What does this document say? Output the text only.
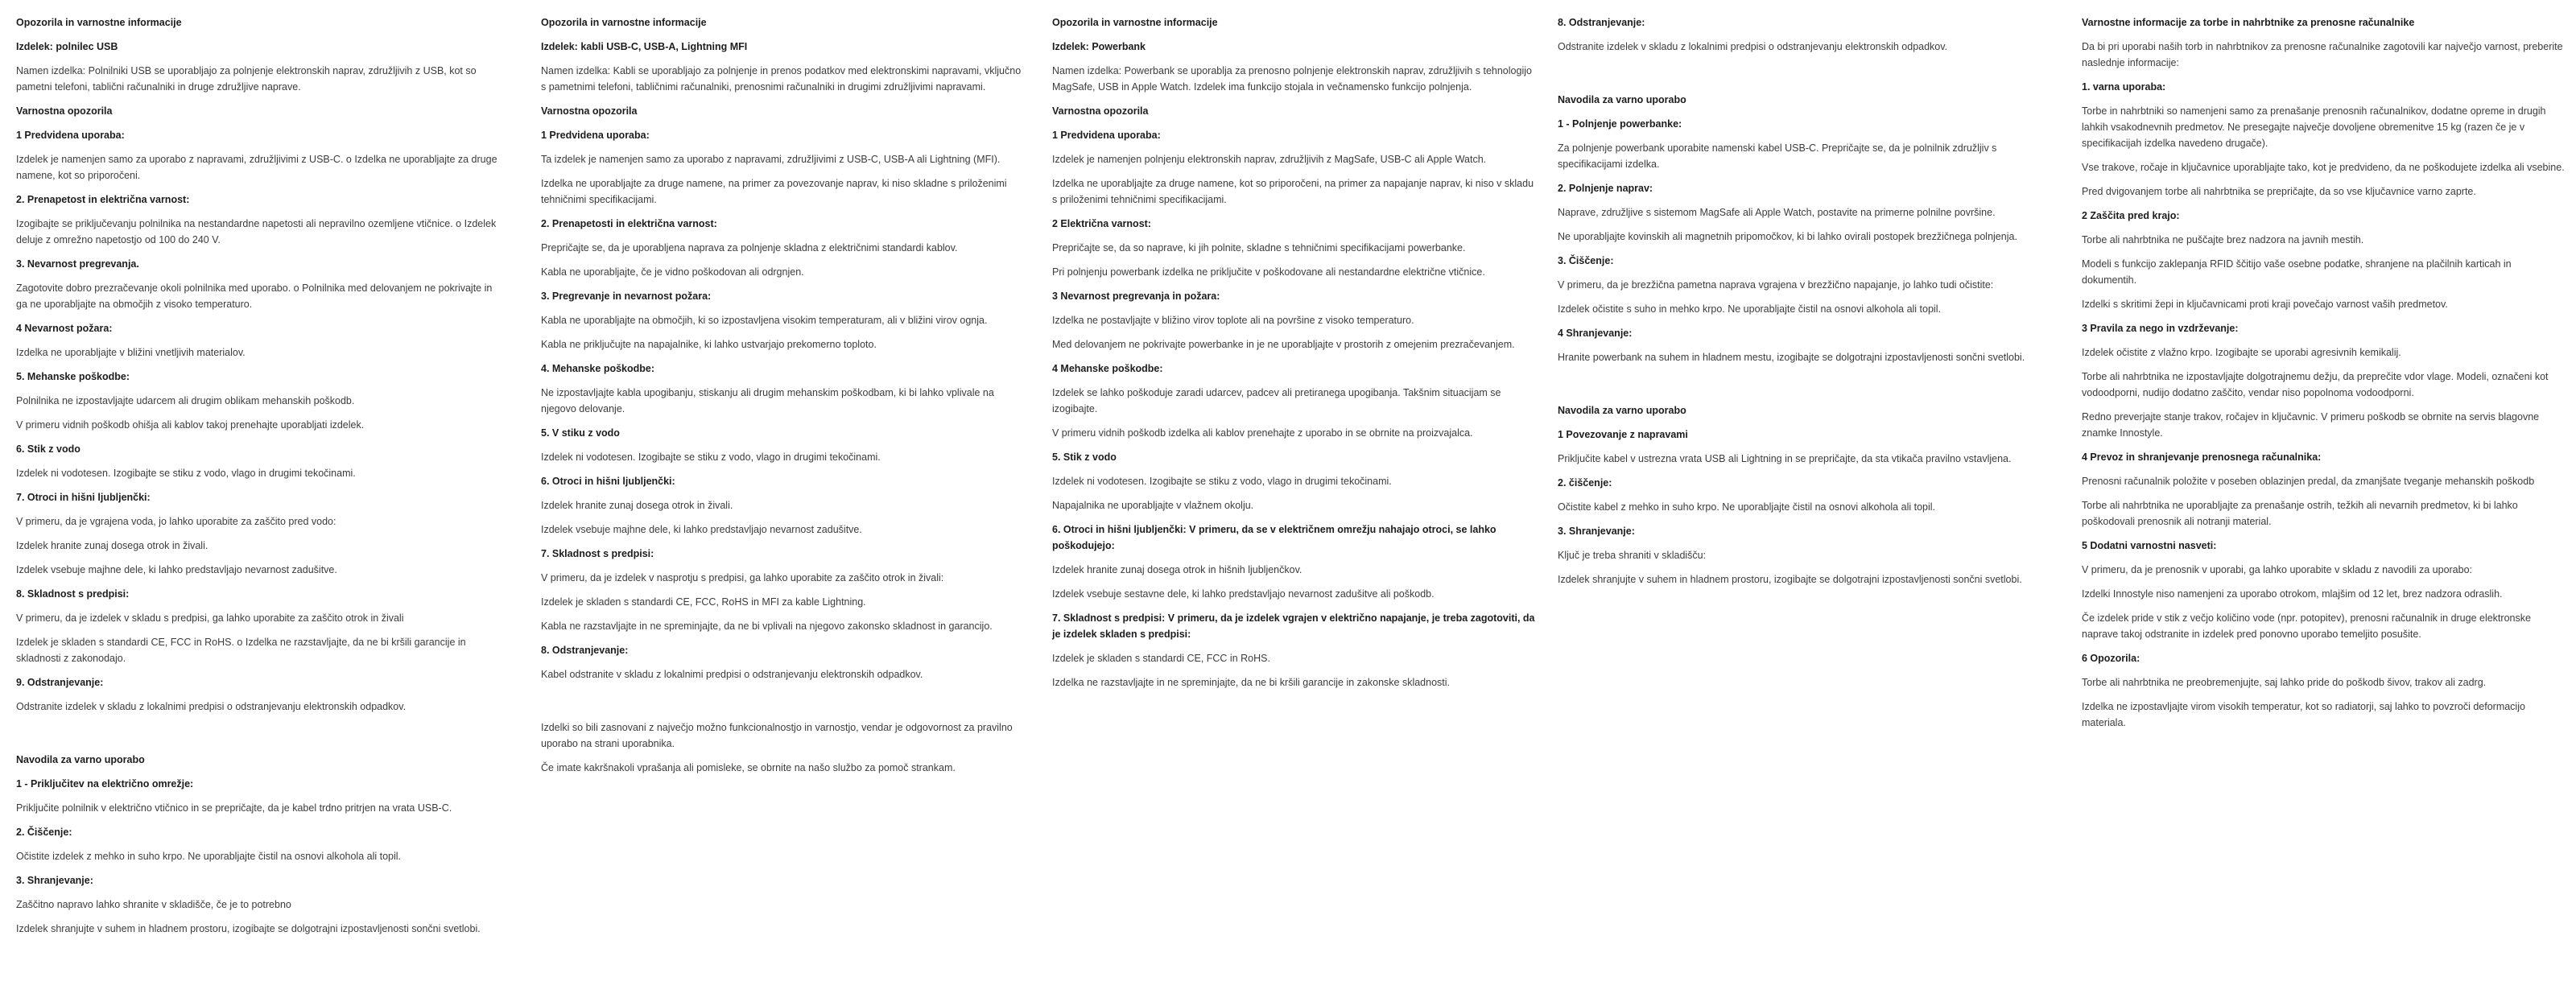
Opozorila in varnostne informacije

Izdelek: polnilec USB

Namen izdelka: Polnilniki USB se uporabljajo za polnjenje elektronskih naprav, združljivih z USB, kot so pametni telefoni, tablični računalniki in druge združljive naprave.

Varnostna opozorila

1 Predvidena uporaba:

Izdelek je namenjen samo za uporabo z napravami, združljivimi z USB-C. o Izdelka ne uporabljajte za druge namene, kot so priporočeni.

2. Prenapetost in električna varnost:

Izogibajte se priključevanju polnilnika na nestandardne napetosti ali nepravilno ozemljene vtičnice. o Izdelek deluje z omrežno napetostjo od 100 do 240 V.

3. Nevarnost pregrevanja.

Zagotovite dobro prezračevanje okoli polnilnika med uporabo. o Polnilnika med delovanjem ne pokrivajte in ga ne uporabljajte na območjih z visoko temperaturo.

4 Nevarnost požara:

Izdelka ne uporabljajte v bližini vnetljivih materialov.

5. Mehanske poškodbe:

Polnilnika ne izpostavljajte udarcem ali drugim oblikam mehanskih poškodb.

V primeru vidnih poškodb ohišja ali kablov takoj prenehajte uporabljati izdelek.

6. Stik z vodo

Izdelek ni vodotesen. Izogibajte se stiku z vodo, vlago in drugimi tekočinami.

7. Otroci in hišni ljubljenčki:

V primeru, da je vgrajena voda, jo lahko uporabite za zaščito pred vodo:

Izdelek hranite zunaj dosega otrok in živali.

Izdelek vsebuje majhne dele, ki lahko predstavljajo nevarnost zadušitve.

8. Skladnost s predpisi:

V primeru, da je izdelek v skladu s predpisi, ga lahko uporabite za zaščito otrok in živali

Izdelek je skladen s standardi CE, FCC in RoHS. o Izdelka ne razstavljajte, da ne bi kršili garancije in skladnosti z zakonodajo.

9. Odstranjevanje:

Odstranite izdelek v skladu z lokalnimi predpisi o odstranjevanju elektronskih odpadkov.

Navodila za varno uporabo

1 - Priključitev na električno omrežje:

Priključite polnilnik v električno vtičnico in se prepričajte, da je kabel trdno pritrjen na vrata USB-C.

2. Čiščenje:

Očistite izdelek z mehko in suho krpo. Ne uporabljajte čistil na osnovi alkohola ali topil.

3. Shranjevanje:

Zaščitno napravo lahko shranite v skladišče, če je to potrebno

Izdelek shranjujte v suhem in hladnem prostoru, izogibajte se dolgotrajni izpostavljenosti sončni svetlobi.

Opozorila in varnostne informacije

Izdelek: kabli USB-C, USB-A, Lightning MFI

Namen izdelka: Kabli se uporabljajo za polnjenje in prenos podatkov med elektronskimi napravami, vključno s pametnimi telefoni, tabličnimi računalniki, prenosnimi računalniki in drugimi združljivimi napravami.

Varnostna opozorila

1 Predvidena uporaba:

Ta izdelek je namenjen samo za uporabo z napravami, združljivimi z USB-C, USB-A ali Lightning (MFI).

Izdelka ne uporabljajte za druge namene, na primer za povezovanje naprav, ki niso skladne s priloženimi tehničnimi specifikacijami.

2. Prenapetosti in električna varnost:

Prepričajte se, da je uporabljena naprava za polnjenje skladna z električnimi standardi kablov.

Kabla ne uporabljajte, če je vidno poškodovan ali odrgnjen.

3. Pregrevanje in nevarnost požara:

Kabla ne uporabljajte na območjih, ki so izpostavljena visokim temperaturam, ali v bližini virov ognja.

Kabla ne priključujte na napajalnike, ki lahko ustvarjajo prekomerno toploto.

4. Mehanske poškodbe:

Ne izpostavljajte kabla upogibanju, stiskanju ali drugim mehanskim poškodbam, ki bi lahko vplivale na njegovo delovanje.

5. V stiku z vodo

Izdelek ni vodotesen. Izogibajte se stiku z vodo, vlago in drugimi tekočinami.

6. Otroci in hišni ljubljenčki:

Izdelek hranite zunaj dosega otrok in živali.

Izdelek vsebuje majhne dele, ki lahko predstavljajo nevarnost zadušitve.

7. Skladnost s predpisi:

V primeru, da je izdelek v nasprotju s predpisi, ga lahko uporabite za zaščito otrok in živali:

Izdelek je skladen s standardi CE, FCC, RoHS in MFI za kable Lightning.

Kabla ne razstavljajte in ne spreminjajte, da ne bi vplivali na njegovo zakonsko skladnost in garancijo.

8. Odstranjevanje:

Kabel odstranite v skladu z lokalnimi predpisi o odstranjevanju elektronskih odpadkov.

Izdelki so bili zasnovani z največjo možno funkcionalnostjo in varnostjo, vendar je odgovornost za pravilno uporabo na strani uporabnika.

Če imate kakršnakoli vprašanja ali pomisleke, se obrnite na našo službo za pomoč strankam.

Opozorila in varnostne informacije

Izdelek: Powerbank

Namen izdelka: Powerbank se uporablja za prenosno polnjenje elektronskih naprav, združljivih s tehnologijo MagSafe, USB in Apple Watch. Izdelek ima funkcijo stojala in večnamensko funkcijo polnjenja.

Varnostna opozorila

1 Predvidena uporaba:

Izdelek je namenjen polnjenju elektronskih naprav, združljivih z MagSafe, USB-C ali Apple Watch.

Izdelka ne uporabljajte za druge namene, kot so priporočeni, na primer za napajanje naprav, ki niso v skladu s priloženimi tehničnimi specifikacijami.

2 Električna varnost:

Prepričajte se, da so naprave, ki jih polnite, skladne s tehničnimi specifikacijami powerbanke.

Pri polnjenju powerbank izdelka ne priključite v poškodovane ali nestandardne električne vtičnice.

3 Nevarnost pregrevanja in požara:

Izdelka ne postavljajte v bližino virov toplote ali na površine z visoko temperaturo.

Med delovanjem ne pokrivajte powerbanke in je ne uporabljajte v prostorih z omejenim prezračevanjem.

4 Mehanske poškodbe:

Izdelek se lahko poškoduje zaradi udarcev, padcev ali pretiranega upogibanja. Takšnim situacijam se izogibajte.

V primeru vidnih poškodb izdelka ali kablov prenehajte z uporabo in se obrnite na proizvajalca.

5. Stik z vodo

Izdelek ni vodotesen. Izogibajte se stiku z vodo, vlago in drugimi tekočinami.

Napajalnika ne uporabljajte v vlažnem okolju.

6. Otroci in hišni ljubljenčki: V primeru, da se v električnem omrežju nahajajo otroci, se lahko poškodujejo:

Izdelek hranite zunaj dosega otrok in hišnih ljubljenčkov.

Izdelek vsebuje sestavne dele, ki lahko predstavljajo nevarnost zadušitve ali poškodb.

7. Skladnost s predpisi: V primeru, da je izdelek vgrajen v električno napajanje, je treba zagotoviti, da je izdelek skladen s predpisi:

Izdelek je skladen s standardi CE, FCC in RoHS.

Izdelka ne razstavljajte in ne spreminjajte, da ne bi kršili garancije in zakonske skladnosti.

8. Odstranjevanje:

Odstranite izdelek v skladu z lokalnimi predpisi o odstranjevanju elektronskih odpadkov.

Navodila za varno uporabo

1 - Polnjenje powerbanke:

Za polnjenje powerbank uporabite namenski kabel USB-C. Prepričajte se, da je polnilnik združljiv s specifikacijami izdelka.

2. Polnjenje naprav:

Naprave, združljive s sistemom MagSafe ali Apple Watch, postavite na primerne polnilne površine.

Ne uporabljajte kovinskih ali magnetnih pripomočkov, ki bi lahko ovirali postopek brezžičnega polnjenja.

3. Čiščenje:

V primeru, da je brezžična pametna naprava vgrajena v brezžično napajanje, jo lahko tudi očistite:

Izdelek očistite s suho in mehko krpo. Ne uporabljajte čistil na osnovi alkohola ali topil.

4 Shranjevanje:

Hranite powerbank na suhem in hladnem mestu, izogibajte se dolgotrajni izpostavljenosti sončni svetlobi.

Navodila za varno uporabo

1 Povezovanje z napravami

Priključite kabel v ustrezna vrata USB ali Lightning in se prepričajte, da sta vtikača pravilno vstavljena.

2. čiščenje:

Očistite kabel z mehko in suho krpo. Ne uporabljajte čistil na osnovi alkohola ali topil.

3. Shranjevanje:

Ključ je treba shraniti v skladišču:

Izdelek shranjujte v suhem in hladnem prostoru, izogibajte se dolgotrajni izpostavljenosti sončni svetlobi.

Varnostne informacije za torbe in nahrbtnike za prenosne računalnike

Da bi pri uporabi naših torb in nahrbtnikov za prenosne računalnike zagotovili kar največjo varnost, preberite naslednje informacije:

1. varna uporaba:

Torbe in nahrbtniki so namenjeni samo za prenašanje prenosnih računalnikov, dodatne opreme in drugih lahkih vsakodnevnih predmetov. Ne presegajte največje dovoljene obremenitve 15 kg (razen če je v specifikacijah izdelka navedeno drugače).

Vse trakove, ročaje in ključavnice uporabljajte tako, kot je predvideno, da ne poškodujete izdelka ali vsebine.

Pred dvigovanjem torbe ali nahrbtnika se prepričajte, da so vse ključavnice varno zaprte.

2 Zaščita pred krajo:

Torbe ali nahrbtnika ne puščajte brez nadzora na javnih mestih.

Modeli s funkcijo zaklepanja RFID ščitijo vaše osebne podatke, shranjene na plačilnih karticah in dokumentih.

Izdelki s skritimi žepi in ključavnicami proti kraji povečajo varnost vaših predmetov.

3 Pravila za nego in vzdrževanje:

Izdelek očistite z vlažno krpo. Izogibajte se uporabi agresivnih kemikalij.

Torbe ali nahrbtnika ne izpostavljajte dolgotrajnemu dežju, da preprečite vdor vlage. Modeli, označeni kot vodoodporni, nudijo dodatno zaščito, vendar niso popolnoma vodoodporni.

Redno preverjajte stanje trakov, ročajev in ključavnic. V primeru poškodb se obrnite na servis blagovne znamke Innostyle.

4 Prevoz in shranjevanje prenosnega računalnika:

Prenosni računalnik položite v poseben oblazinjen predal, da zmanjšate tveganje mehanskih poškodb

Torbe ali nahrbtnika ne uporabljajte za prenašanje ostrih, težkih ali nevarnih predmetov, ki bi lahko poškodovali prenosnik ali notranji material.

5 Dodatni varnostni nasveti:

V primeru, da je prenosnik v uporabi, ga lahko uporabite v skladu z navodili za uporabo:

Izdelki Innostyle niso namenjeni za uporabo otrokom, mlajšim od 12 let, brez nadzora odraslih.

Če izdelek pride v stik z večjo količino vode (npr. potopitev), prenosni računalnik in druge elektronske naprave takoj odstranite in izdelek pred ponovno uporabo temeljito posušite.

6 Opozorila:

Torbe ali nahrbtnika ne preobremenjujte, saj lahko pride do poškodb šivov, trakov ali zadrg.

Izdelka ne izpostavljajte virom visokih temperatur, kot so radiatorji, saj lahko to povzroči deformacijo materiala.
